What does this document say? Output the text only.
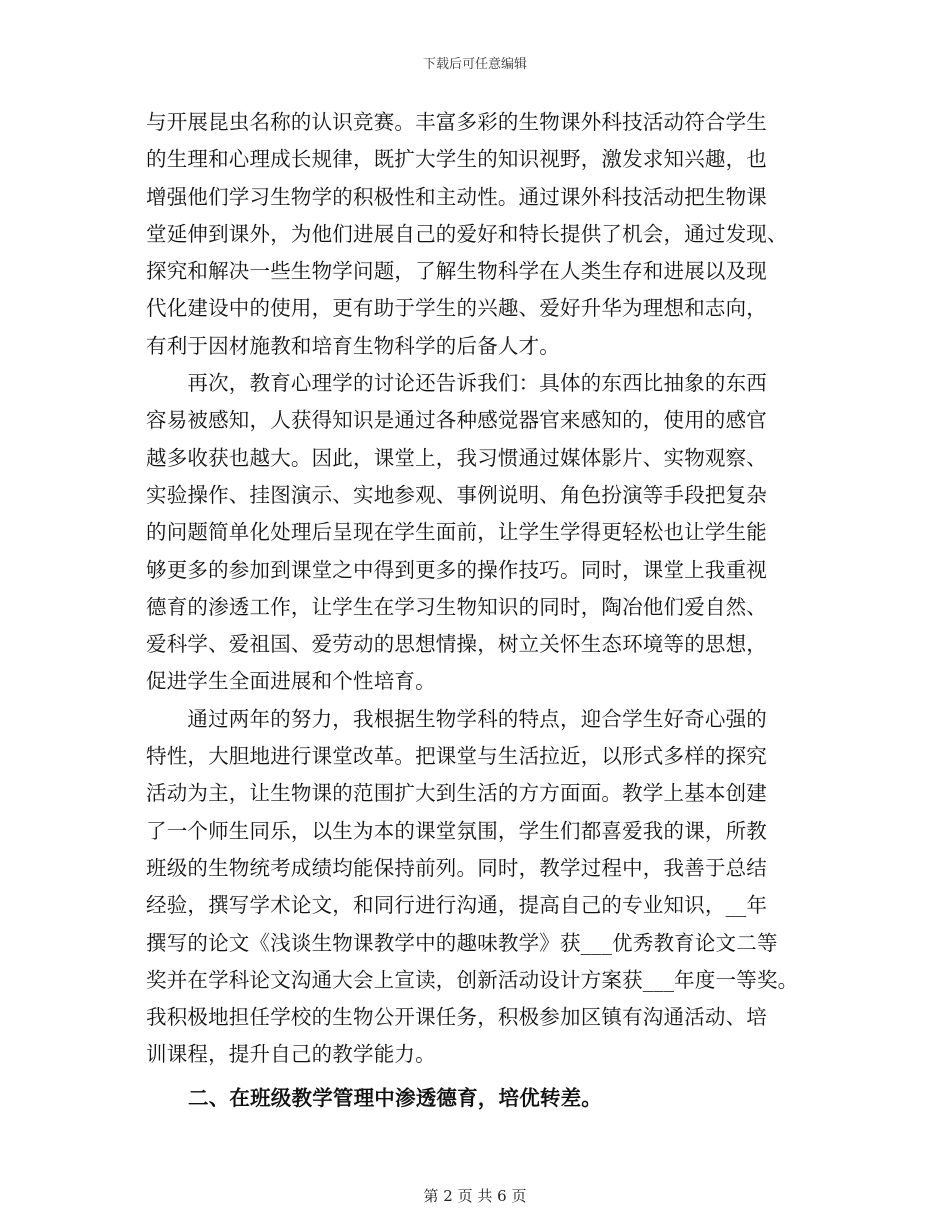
下载后可任意编辑
与开展昆虫名称的认识竞赛。丰富多彩的生物课外科技活动符合学生
的生理和心理成长规律，既扩大学生的知识视野，激发求知兴趣，也
增强他们学习生物学的积极性和主动性。通过课外科技活动把生物课
堂延伸到课外，为他们进展自己的爱好和特长提供了机会，通过发现、
探究和解决一些生物学问题，了解生物科学在人类生存和进展以及现
代化建设中的使用，更有助于学生的兴趣、爱好升华为理想和志向，
有利于因材施教和培育生物科学的后备人才。
　　再次，教育心理学的讨论还告诉我们：具体的东西比抽象的东西
容易被感知，人获得知识是通过各种感觉器官来感知的，使用的感官
越多收获也越大。因此，课堂上，我习惯通过媒体影片、实物观察、
实验操作、挂图演示、实地参观、事例说明、角色扮演等手段把复杂
的问题简单化处理后呈现在学生面前，让学生学得更轻松也让学生能
够更多的参加到课堂之中得到更多的操作技巧。同时，课堂上我重视
德育的渗透工作，让学生在学习生物知识的同时，陶冶他们爱自然、
爱科学、爱祖国、爱劳动的思想情操，树立关怀生态环境等的思想，
促进学生全面进展和个性培育。
　　通过两年的努力，我根据生物学科的特点，迎合学生好奇心强的
特性，大胆地进行课堂改革。把课堂与生活拉近，以形式多样的探究
活动为主，让生物课的范围扩大到生活的方方面面。教学上基本创建
了一个师生同乐，以生为本的课堂氛围，学生们都喜爱我的课，所教
班级的生物统考成绩均能保持前列。同时，教学过程中，我善于总结
经验，撰写学术论文，和同行进行沟通，提高自己的专业知识，__年
撰写的论文《浅谈生物课教学中的趣味教学》获___优秀教育论文二等
奖并在学科论文沟通大会上宣读，创新活动设计方案获___年度一等奖。
我积极地担任学校的生物公开课任务，积极参加区镇有沟通活动、培
训课程，提升自己的教学能力。
二、在班级教学管理中渗透德育，培优转差。
第 2 页 共 6 页
